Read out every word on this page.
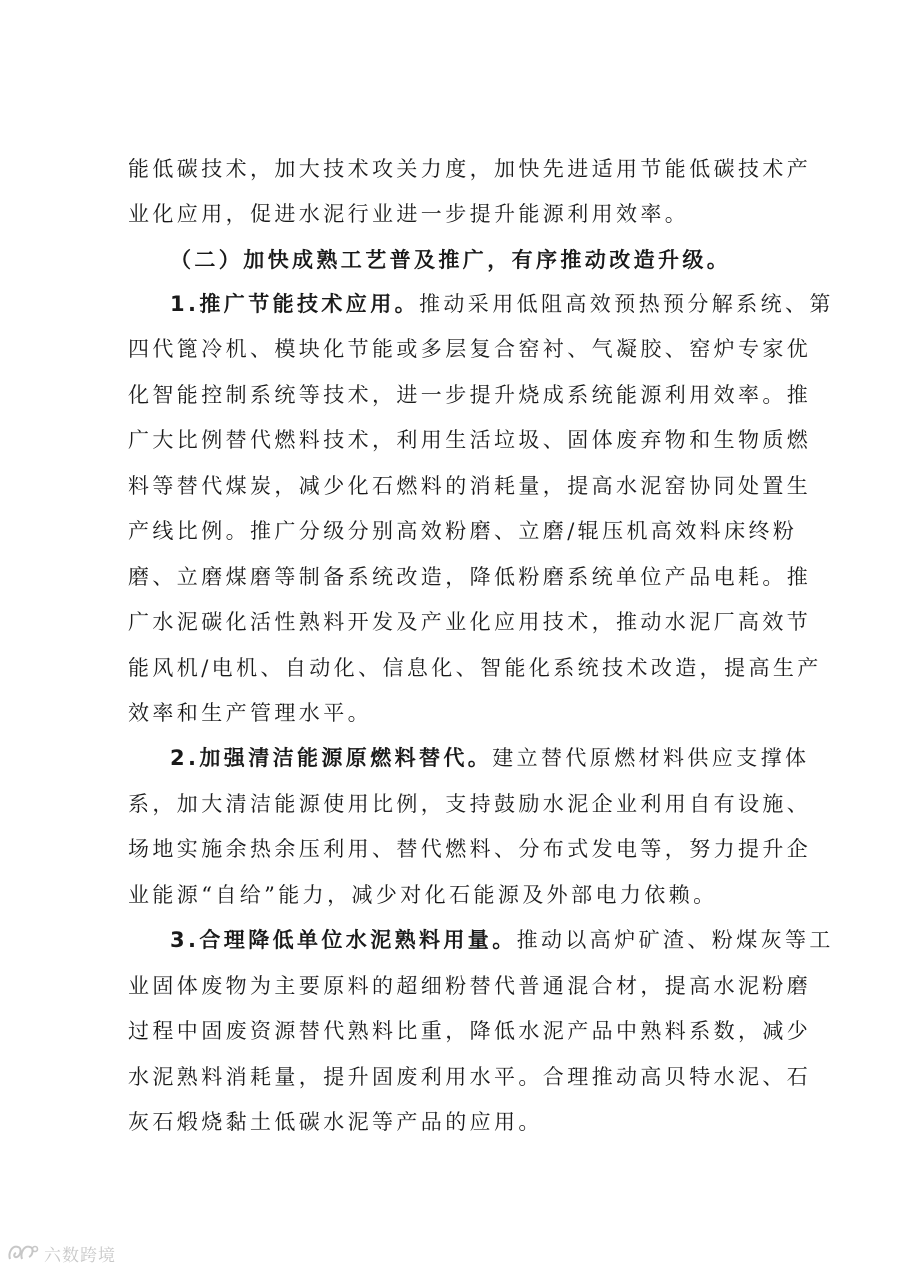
能低碳技术，加大技术攻关力度，加快先进适用节能低碳技术产
业化应用，促进水泥行业进一步提升能源利用效率。
（二）加快成熟工艺普及推广，有序推动改造升级。
1.推广节能技术应用。推动采用低阻高效预热预分解系统、第
四代篦冷机、模块化节能或多层复合窑衬、气凝胶、窑炉专家优
化智能控制系统等技术，进一步提升烧成系统能源利用效率。推
广大比例替代燃料技术，利用生活垃圾、固体废弃物和生物质燃
料等替代煤炭，减少化石燃料的消耗量，提高水泥窑协同处置生
产线比例。推广分级分别高效粉磨、立磨/辊压机高效料床终粉
磨、立磨煤磨等制备系统改造，降低粉磨系统单位产品电耗。推
广水泥碳化活性熟料开发及产业化应用技术，推动水泥厂高效节
能风机/电机、自动化、信息化、智能化系统技术改造，提高生产
效率和生产管理水平。
2.加强清洁能源原燃料替代。建立替代原燃材料供应支撑体
系，加大清洁能源使用比例，支持鼓励水泥企业利用自有设施、
场地实施余热余压利用、替代燃料、分布式发电等，努力提升企
业能源“自给”能力，减少对化石能源及外部电力依赖。
3.合理降低单位水泥熟料用量。推动以高炉矿渣、粉煤灰等工
业固体废物为主要原料的超细粉替代普通混合材，提高水泥粉磨
过程中固废资源替代熟料比重，降低水泥产品中熟料系数，减少
水泥熟料消耗量，提升固废利用水平。合理推动高贝特水泥、石
灰石煅烧黏土低碳水泥等产品的应用。
六数跨境
